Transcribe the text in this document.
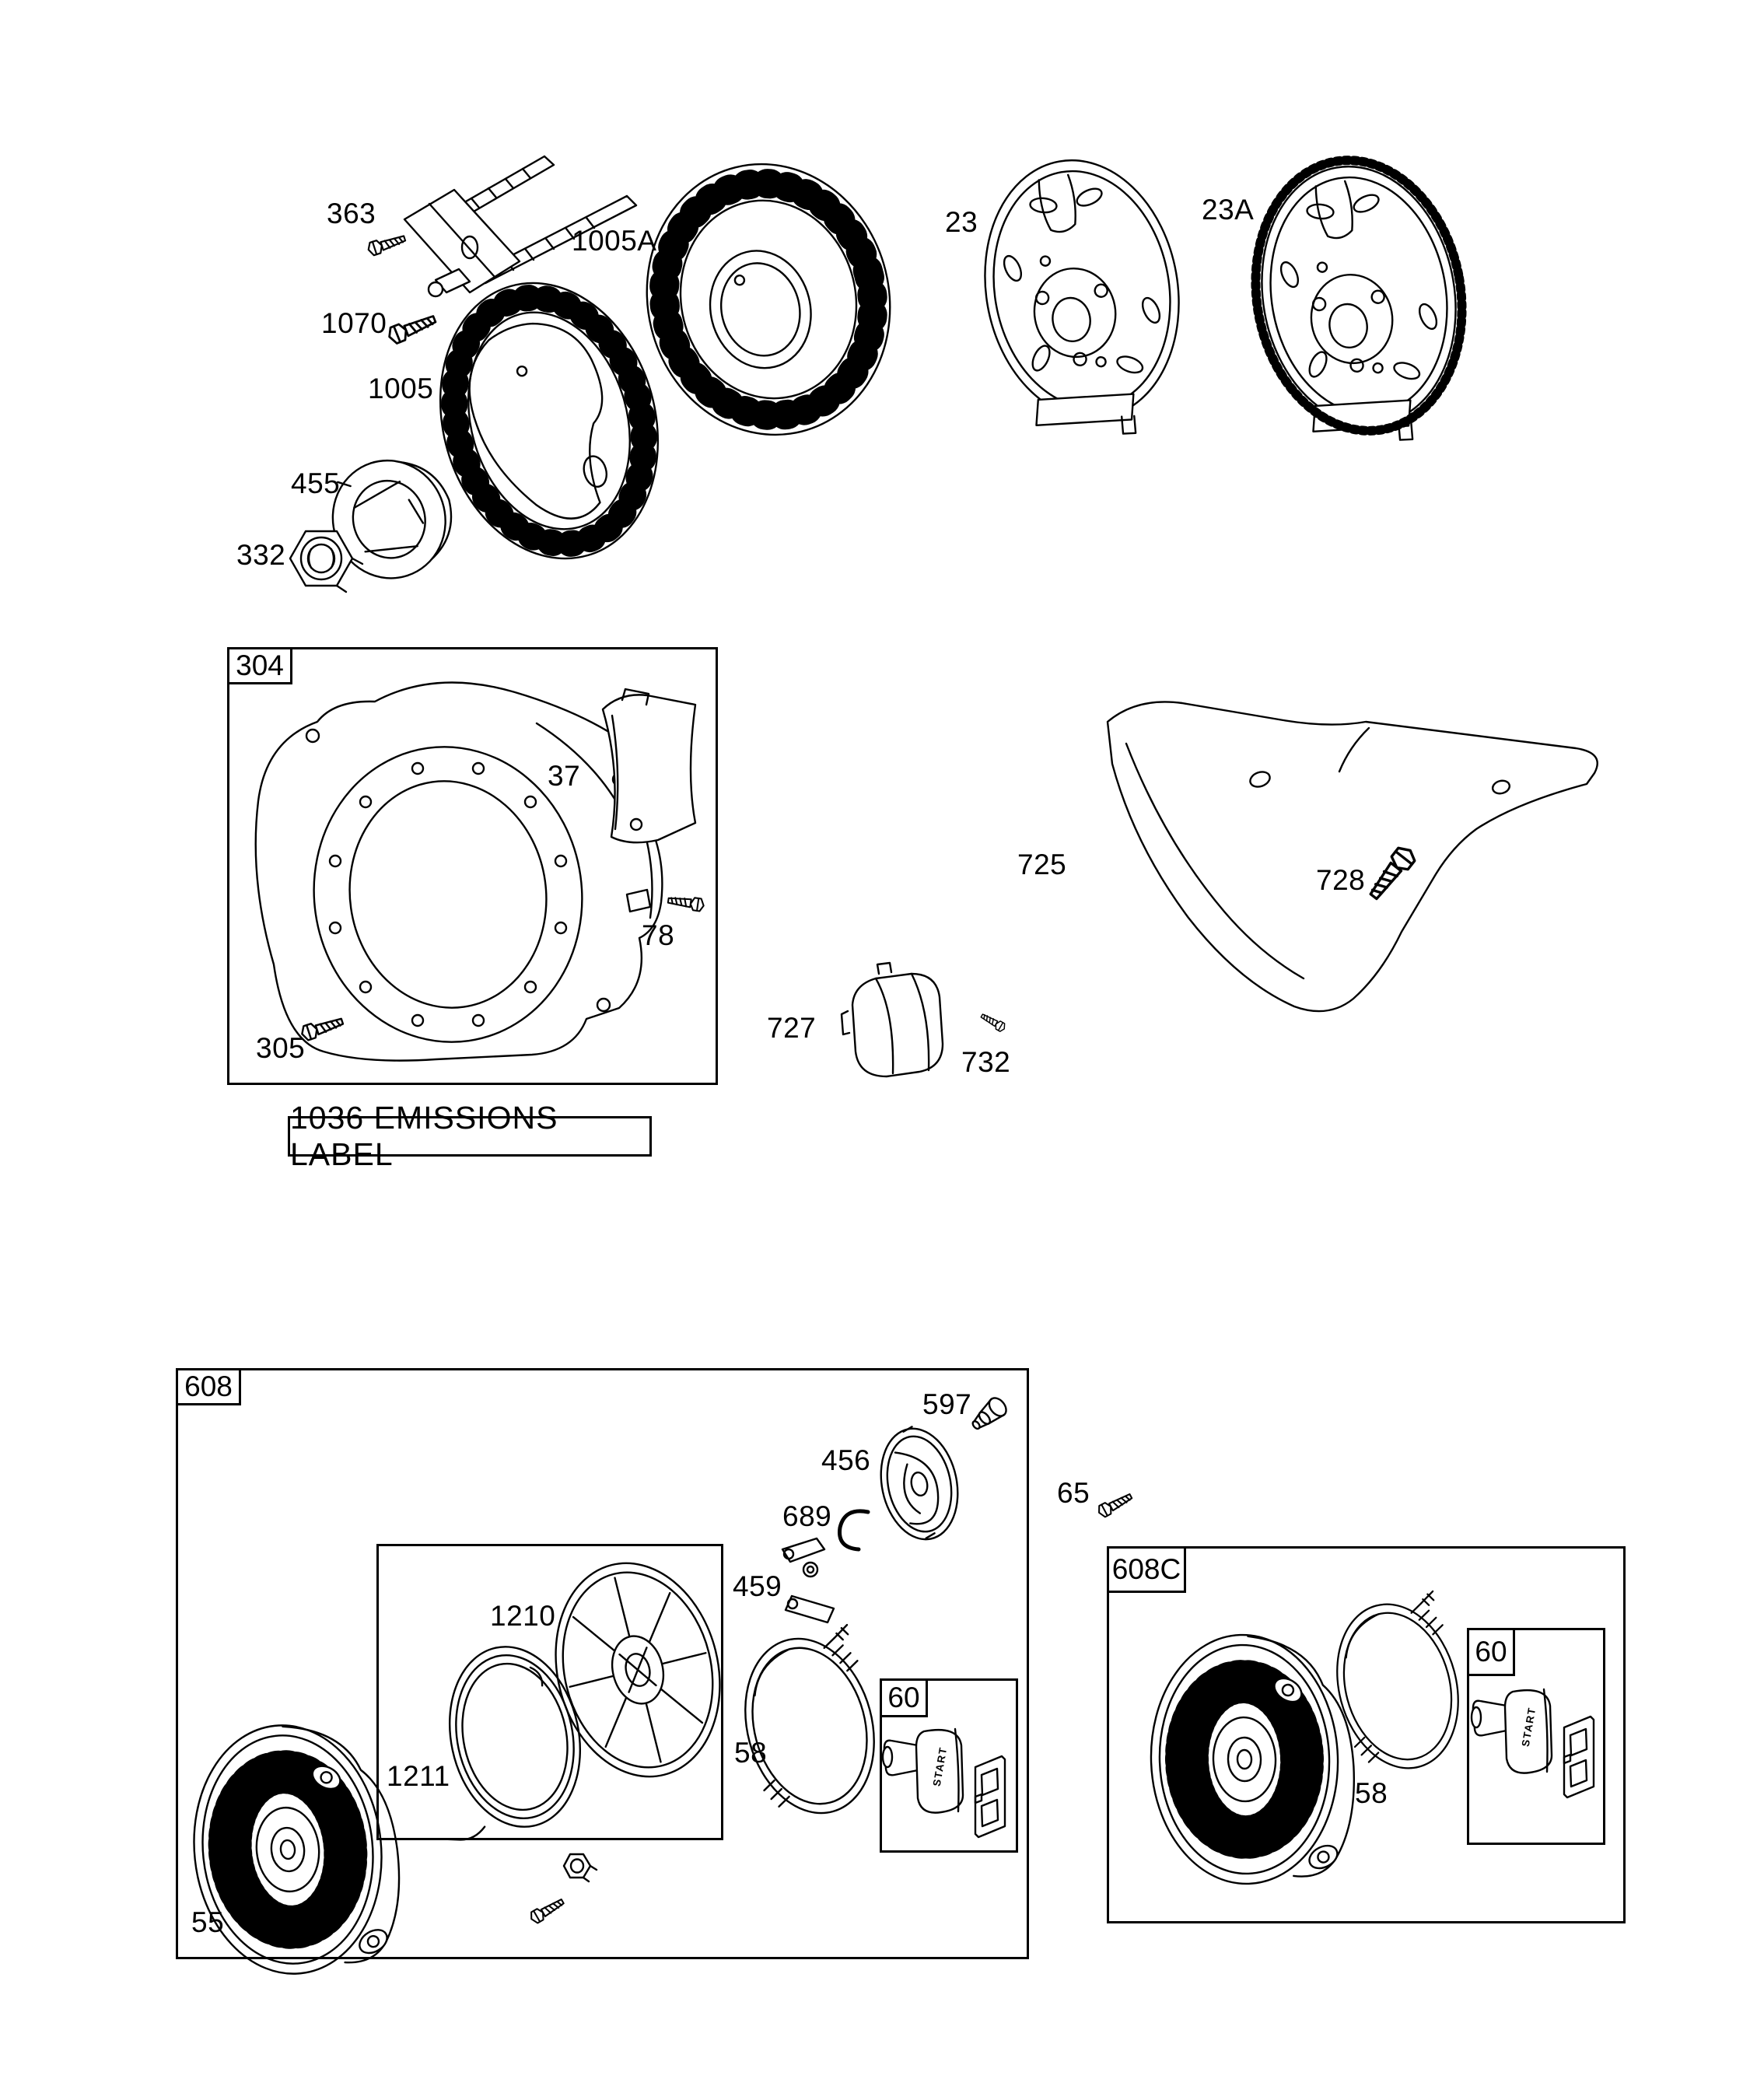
START
304
1036 EMISSIONS LABEL
608
60
608C
60
363
1005A
1070
1005
455
332
23	23A
37
78
305
725	728
727
732
597
456
689
459
65
1210
1211
58
55
58
